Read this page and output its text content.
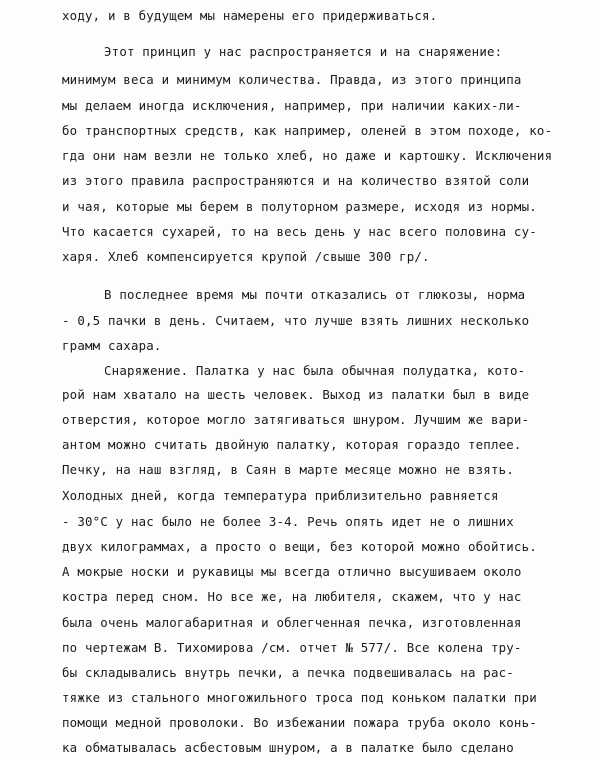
ходу, и в будущем мы намерены его придерживаться.
Этот принцип у нас распространяется и на снаряжение:
минимум веса и минимум количества. Правда, из этого принципа
мы делаем иногда исключения, например, при наличии каких-ли-
бо транспортных средств, как например, оленей в этом походе, ко-
гда они нам везли не только хлеб, но даже и картошку. Исключения
из этого правила распространяются и на количество взятой соли
и чая, которые мы берем в полуторном размере, исходя из нормы.
Что касается сухарей, то на весь день у нас всего половина су-
харя. Хлеб компенсируется крупой /свыше 300 гр/.
В последнее время мы почти отказались от глюкозы, норма
- 0,5 пачки в день. Считаем, что лучше взять лишних несколько
грамм сахара.
Снаряжение. Палатка у нас была обычная полудатка, кото-
рой нам хватало на шесть человек. Выход из палатки был в виде
отверстия, которое могло затягиваться шнуром. Лучшим же вари-
антом можно считать двойную палатку, которая гораздо теплее.
Печку, на наш взгляд, в Саян в марте месяце можно не взять.
Холодных дней, когда температура приблизительно равняется
- 30°С у нас было не более 3-4. Речь опять идет не о лишних
двух килограммах, а просто о вещи, без которой можно обойтись.
А мокрые носки и рукавицы мы всегда отлично высушиваем около
костра перед сном. Но все же, на любителя, скажем, что у нас
была очень малогабаритная и облегченная печка, изготовленная
по чертежам В. Тихомирова /см. отчет № 577/. Все колена тру-
бы складывались внутрь печки, а печка подвешивалась на рас-
тяжке из стального многожильного троса под коньком палатки при
помощи медной проволоки. Во избежании пожара труба около конь-
ка обматывалась асбестовым шнуром, а в палатке было сделано
